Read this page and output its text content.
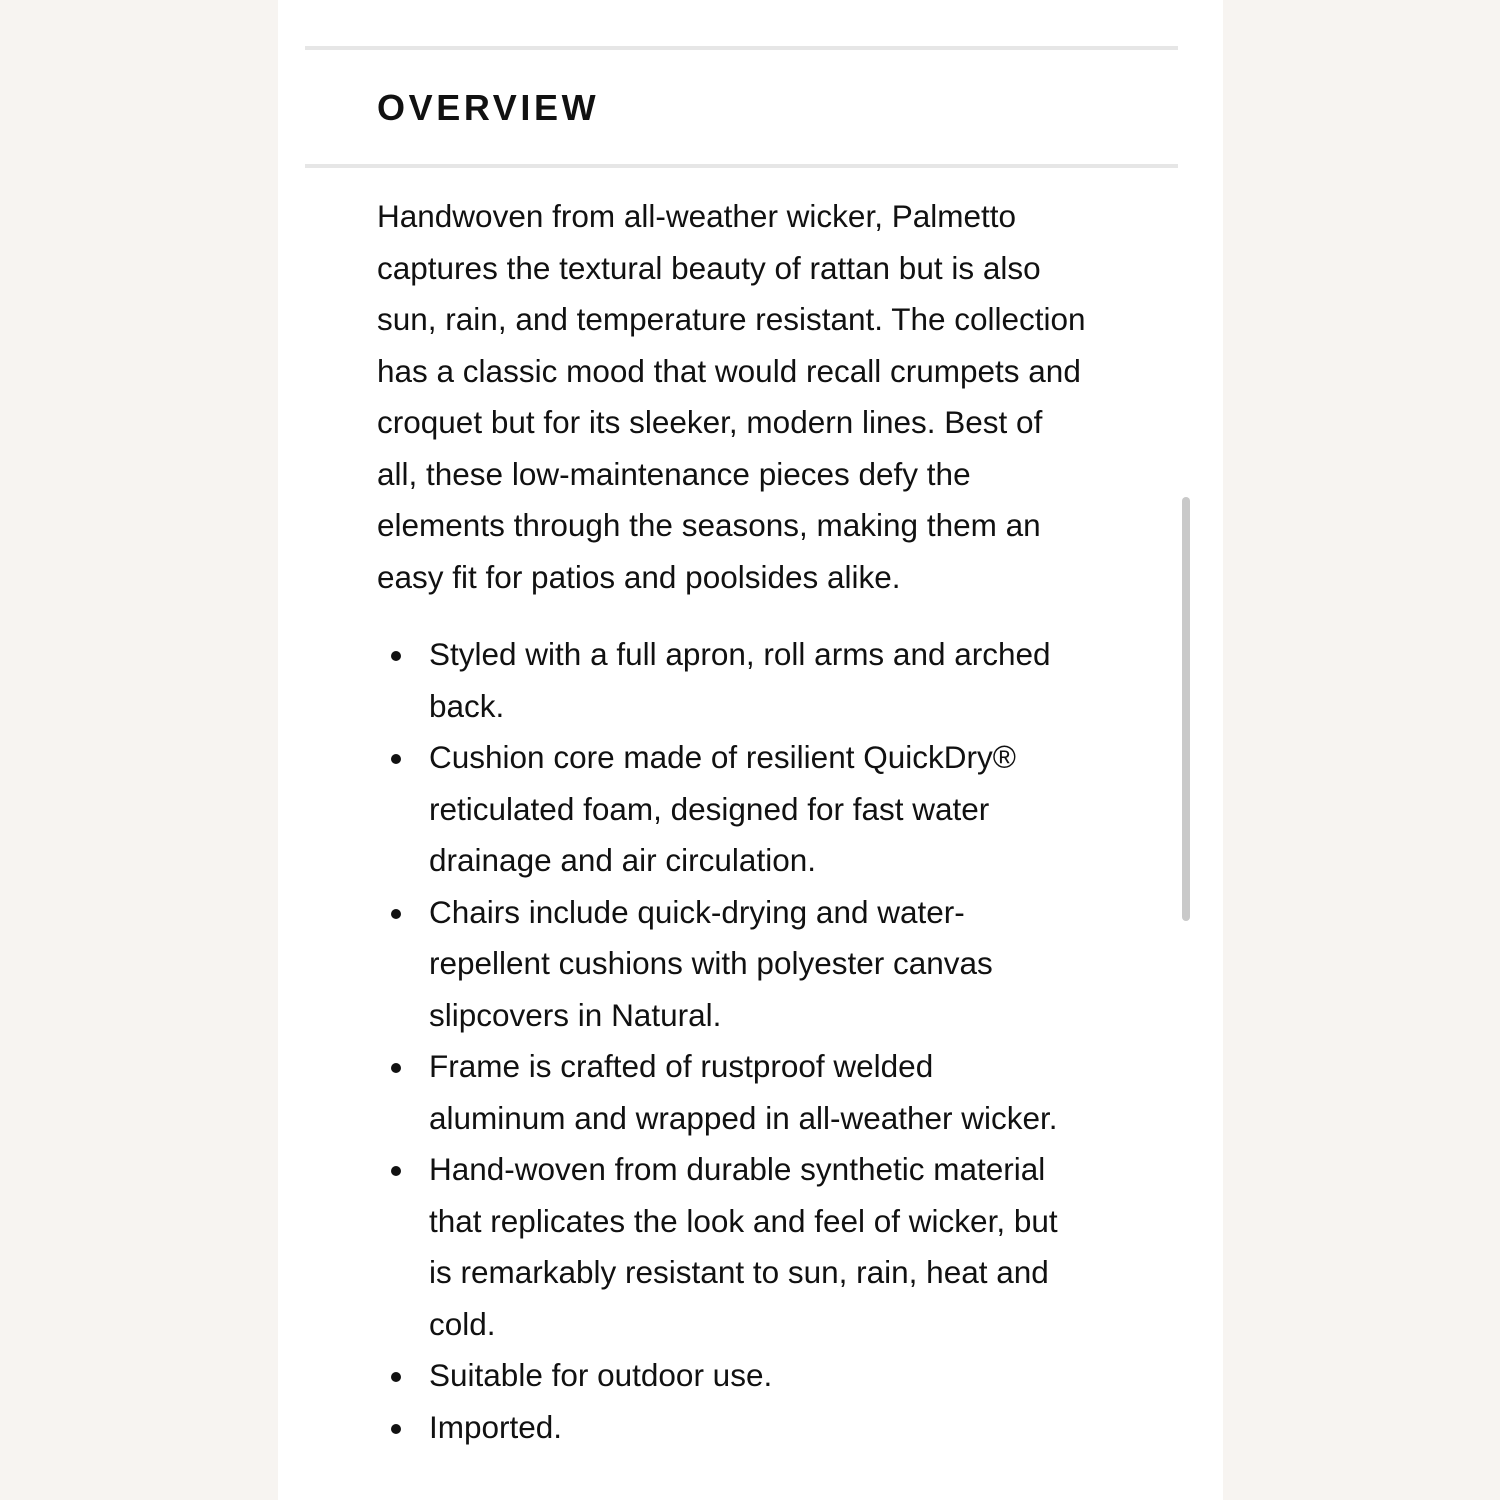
OVERVIEW

Handwoven from all-weather wicker, Palmetto
captures the textural beauty of rattan but is also
sun, rain, and temperature resistant. The collection
has a classic mood that would recall crumpets and
croquet but for its sleeker, modern lines. Best of
all, these low-maintenance pieces defy the
elements through the seasons, making them an
easy fit for patios and poolsides alike.

Styled with a full apron, roll arms and arched
back.
Cushion core made of resilient QuickDry®
reticulated foam, designed for fast water
drainage and air circulation.
Chairs include quick-drying and water-
repellent cushions with polyester canvas
slipcovers in Natural.
Frame is crafted of rustproof welded
aluminum and wrapped in all-weather wicker.
Hand-woven from durable synthetic material
that replicates the look and feel of wicker, but
is remarkably resistant to sun, rain, heat and
cold.
Suitable for outdoor use.
Imported.
